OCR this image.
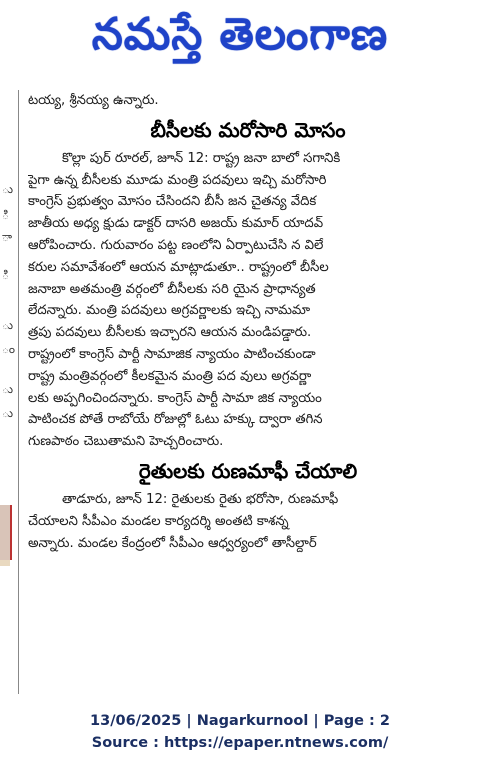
నమస్తే తెలంగాణ
ు
ి
ా
ి
ు
ం
ు
ు
టయ్య, శ్రీనయ్య ఉన్నారు.
బీసీలకు మరోసారి మోసం
కొల్లా పుర్ రూరల్, జూన్ 12: రాష్ట్ర జనా బాలో సగానికి
పైగా ఉన్న బీసీలకు మూడు మంత్రి పదవులు ఇచ్చి మరోసారి
కాంగ్రెస్ ప్రభుత్వం మోసం చేసిందని బీసీ జన చైతన్య వేదిక
జాతీయ అధ్య క్షుడు డాక్టర్ దాసరి అజయ్ కుమార్ యాదవ్
ఆరోపించారు. గురువారం పట్ట ణంలోని ఏర్పాటుచేసి న విలే
కరుల సమావేశంలో ఆయన మాట్లాడుతూ.. రాష్ట్రంలో బీసీల
జనాబా అతమంత్రి వర్గంలో బీసీలకు సరి యైన ప్రాధాన్యత
లేదన్నారు. మంత్రి పదవులు అగ్రవర్ణాలకు ఇచ్చి నామమా
త్రపు పదవులు బీసీలకు ఇచ్చారని ఆయన మండిపడ్డారు.
రాష్ట్రంలో కాంగ్రెస్ పార్టీ సామాజిక న్యాయం పాటించకుండా
రాష్ట్ర మంత్రివర్గంలో కీలకమైన మంత్రి పద వులు అగ్రవర్ణా
లకు అప్పగించిందన్నారు. కాంగ్రెస్ పార్టీ సామా జిక న్యాయం
పాటించక పోతే రాబోయే రోజుల్లో ఓటు హక్కు ద్వారా తగిన
గుణపాఠం చెబుతామని హెచ్చరించారు.
రైతులకు రుణమాఫీ చేయాలి
తాడూరు, జూన్ 12: రైతులకు రైతు భరోసా, రుణమాఫీ
చేయాలని సీపీఎం మండల కార్యదర్శి అంతటి కాశన్న
అన్నారు. మండల కేంద్రంలో సీపీఎం ఆధ్వర్యంలో తాసీల్దార్
13/06/2025 | Nagarkurnool | Page : 2
Source : https://epaper.ntnews.com/
